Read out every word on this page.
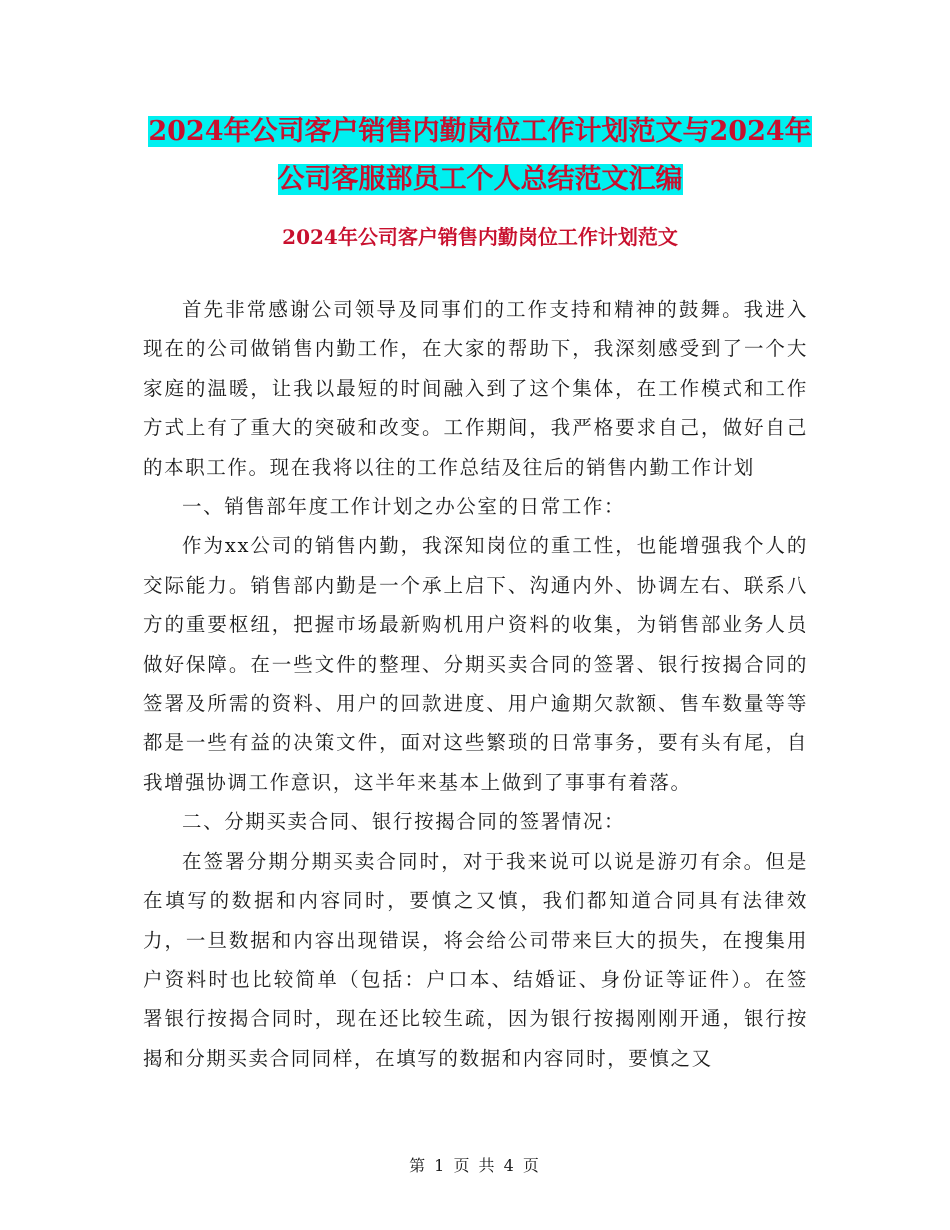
2024年公司客户销售内勤岗位工作计划范文与2024年
公司客服部员工个人总结范文汇编
2024年公司客户销售内勤岗位工作计划范文

首先非常感谢公司领导及同事们的工作支持和精神的鼓舞。我进入现在的公司做销售内勤工作，在大家的帮助下，我深刻感受到了一个大家庭的温暖，让我以最短的时间融入到了这个集体，在工作模式和工作方式上有了重大的突破和改变。工作期间，我严格要求自己，做好自己的本职工作。现在我将以往的工作总结及往后的销售内勤工作计划

一、销售部年度工作计划之办公室的日常工作：

作为xx公司的销售内勤，我深知岗位的重工性，也能增强我个人的交际能力。销售部内勤是一个承上启下、沟通内外、协调左右、联系八方的重要枢纽，把握市场最新购机用户资料的收集，为销售部业务人员做好保障。在一些文件的整理、分期买卖合同的签署、银行按揭合同的签署及所需的资料、用户的回款进度、用户逾期欠款额、售车数量等等都是一些有益的决策文件，面对这些繁琐的日常事务，要有头有尾，自我增强协调工作意识，这半年来基本上做到了事事有着落。

二、分期买卖合同、银行按揭合同的签署情况：

在签署分期分期买卖合同时，对于我来说可以说是游刃有余。但是在填写的数据和内容同时，要慎之又慎，我们都知道合同具有法律效力，一旦数据和内容出现错误，将会给公司带来巨大的损失，在搜集用户资料时也比较简单（包括：户口本、结婚证、身份证等证件）。在签署银行按揭合同时，现在还比较生疏，因为银行按揭刚刚开通，银行按揭和分期买卖合同同样，在填写的数据和内容同时，要慎之又

第 1 页 共 4 页
